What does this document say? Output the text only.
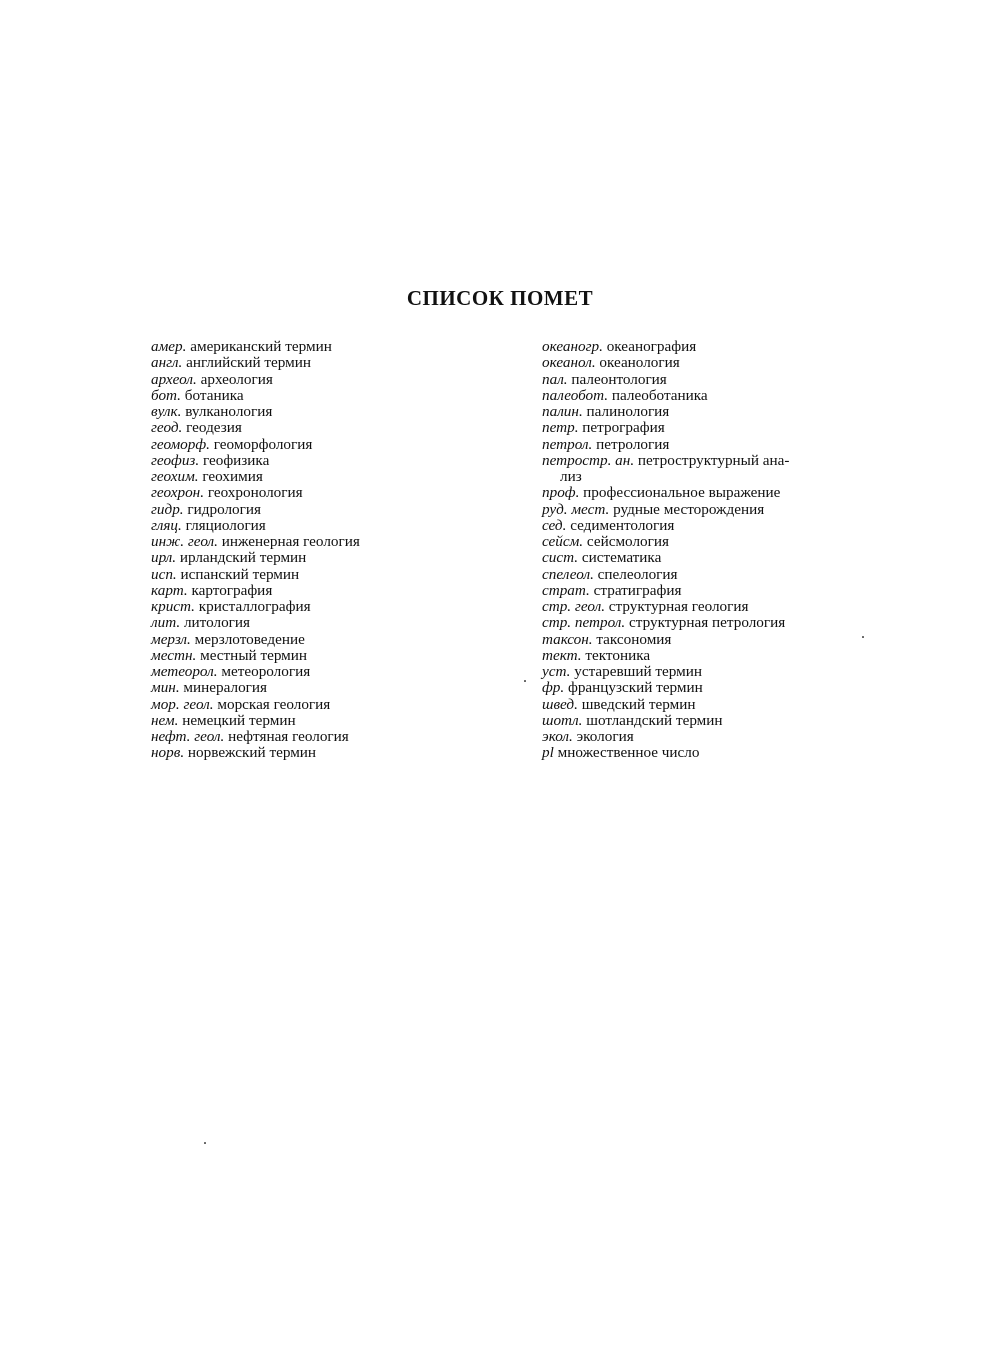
СПИСОК ПОМЕТ
амер. американский термин
англ. английский термин
археол. археология
бот. ботаника
вулк. вулканология
геод. геодезия
геоморф. геоморфология
геофиз. геофизика
геохим. геохимия
геохрон. геохронология
гидр. гидрология
гляц. гляциология
инж. геол. инженерная геология
ирл. ирландский термин
исп. испанский термин
карт. картография
крист. кристаллография
лит. литология
мерзл. мерзлотоведение
местн. местный термин
метеорол. метеорология
мин. минералогия
мор. геол. морская геология
нем. немецкий термин
нефт. геол. нефтяная геология
норв. норвежский термин
океаногр. океанография
океанол. океанология
пал. палеонтология
палеобот. палеоботаника
палин. палинология
петр. петрография
петрол. петрология
петростр. ан. петроструктурный ана-
лиз
проф. профессиональное выражение
руд. мест. рудные месторождения
сед. седиментология
сейсм. сейсмология
сист. систематика
спелеол. спелеология
страт. стратиграфия
стр. геол. структурная геология
стр. петрол. структурная петрология
таксон. таксономия
тект. тектоника
уст. устаревший термин
фр. французский термин
швед. шведский термин
шотл. шотландский термин
экол. экология
pl множественное число
